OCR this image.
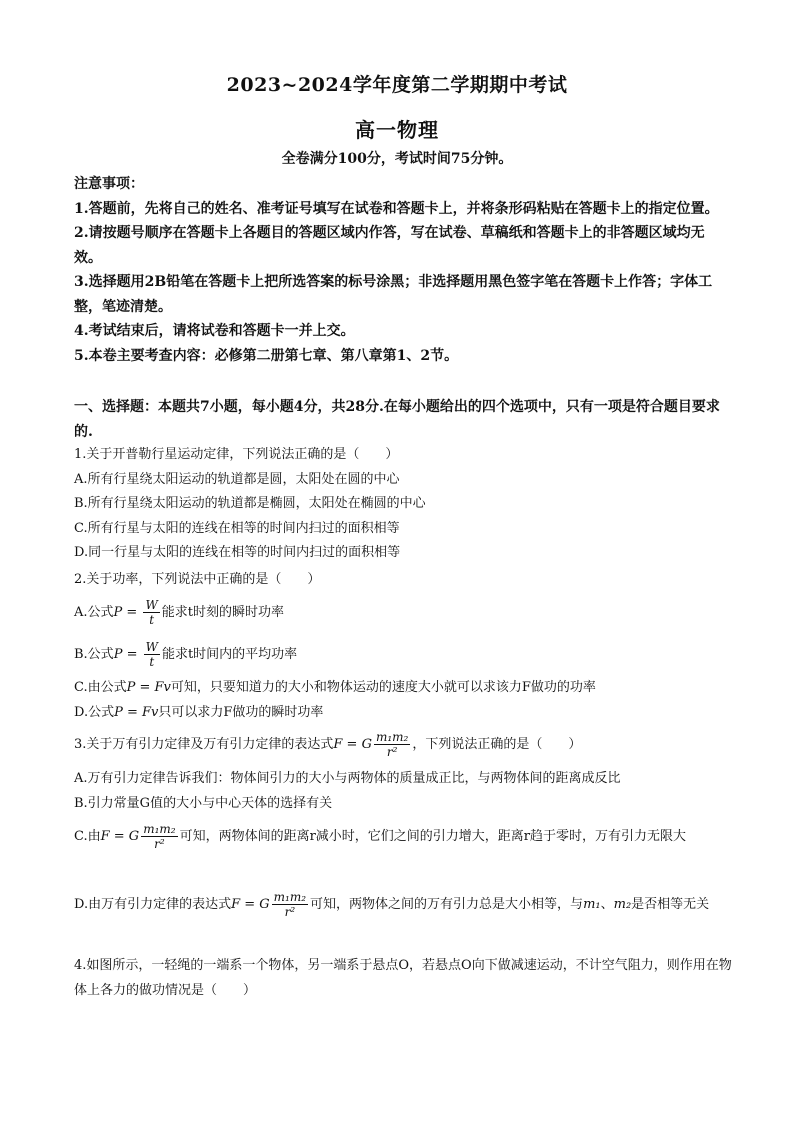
2023~2024学年度第二学期期中考试
高一物理
全卷满分100分，考试时间75分钟。

注意事项：

1.答题前，先将自己的姓名、准考证号填写在试卷和答题卡上，并将条形码粘贴在答题卡上的指定位置。

2.请按题号顺序在答题卡上各题目的答题区域内作答，写在试卷、草稿纸和答题卡上的非答题区域均无效。

3.选择题用2B铅笔在答题卡上把所选答案的标号涂黑；非选择题用黑色签字笔在答题卡上作答；字体工整，笔迹清楚。

4.考试结束后，请将试卷和答题卡一并上交。

5.本卷主要考查内容：必修第二册第七章、第八章第1、2节。

一、选择题：本题共7小题，每小题4分，共28分.在每小题给出的四个选项中，只有一项是符合题目要求的.

1.关于开普勒行星运动定律，下列说法正确的是（　　）

A.所有行星绕太阳运动的轨道都是圆，太阳处在圆的中心

B.所有行星绕太阳运动的轨道都是椭圆，太阳处在椭圆的中心

C.所有行星与太阳的连线在相等的时间内扫过的面积相等

D.同一行星与太阳的连线在相等的时间内扫过的面积相等

2.关于功率，下列说法中正确的是（　　）

A.公式$P = \frac{W}{t}$ 能求t时刻的瞬时功率

B.公式$P = \frac{W}{t}$ 能求t时间内的平均功率

C.由公式P = Fv可知，只要知道力的大小和物体运动的速度大小就可以求该力F做功的功率

D.公式P = Fv只可以求力F做功的瞬时功率

3.关于万有引力定律及万有引力定律的表达式F = G $\frac{\text{m₁m₂}}{\text{r²}}$ ，下列说法正确的是（　　）

A.万有引力定律告诉我们：物体间引力的大小与两物体的质量成正比，与两物体间的距离成反比

B.引力常量G值的大小与中心天体的选择有关

C.由F = G $\frac{\text{m₁m₂}}{\text{r²}}$ 可知，两物体间的距离r减小时，它们之间的引力增大，距离r趋于零时，万有引力无限大

D.由万有引力定律的表达式F = G $\frac{\text{m₁m₂}}{\text{r²}}$ 可知，两物体之间的万有引力总是大小相等，与m₁、m₂是否相等无关

4.如图所示，一轻绳的一端系一个物体，另一端系于悬点O，若悬点O向下做减速运动，不计空气阻力，则作用在物体上各力的做功情况是（　　）
